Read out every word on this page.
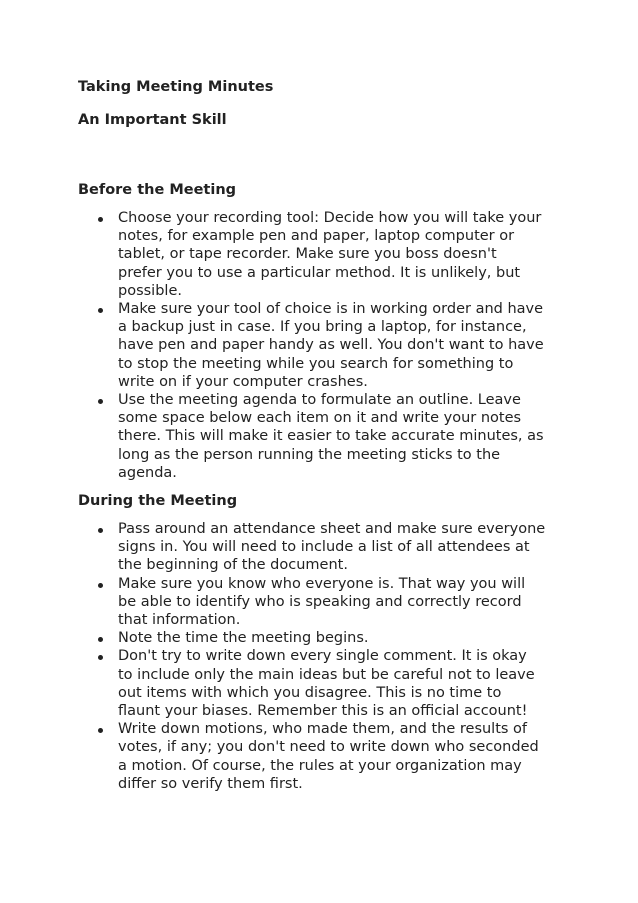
Taking Meeting Minutes

An Important Skill

Before the Meeting

Choose your recording tool: Decide how you will take your
notes, for example pen and paper, laptop computer or
tablet, or tape recorder. Make sure you boss doesn't
prefer you to use a particular method. It is unlikely, but
possible.
Make sure your tool of choice is in working order and have
a backup just in case. If you bring a laptop, for instance,
have pen and paper handy as well. You don't want to have
to stop the meeting while you search for something to
write on if your computer crashes.
Use the meeting agenda to formulate an outline. Leave
some space below each item on it and write your notes
there. This will make it easier to take accurate minutes, as
long as the person running the meeting sticks to the
agenda.

During the Meeting

Pass around an attendance sheet and make sure everyone
signs in. You will need to include a list of all attendees at
the beginning of the document.
Make sure you know who everyone is. That way you will
be able to identify who is speaking and correctly record
that information.
Note the time the meeting begins.
Don't try to write down every single comment. It is okay
to include only the main ideas but be careful not to leave
out items with which you disagree. This is no time to
flaunt your biases. Remember this is an official account!
Write down motions, who made them, and the results of
votes, if any; you don't need to write down who seconded
a motion. Of course, the rules at your organization may
differ so verify them first.
